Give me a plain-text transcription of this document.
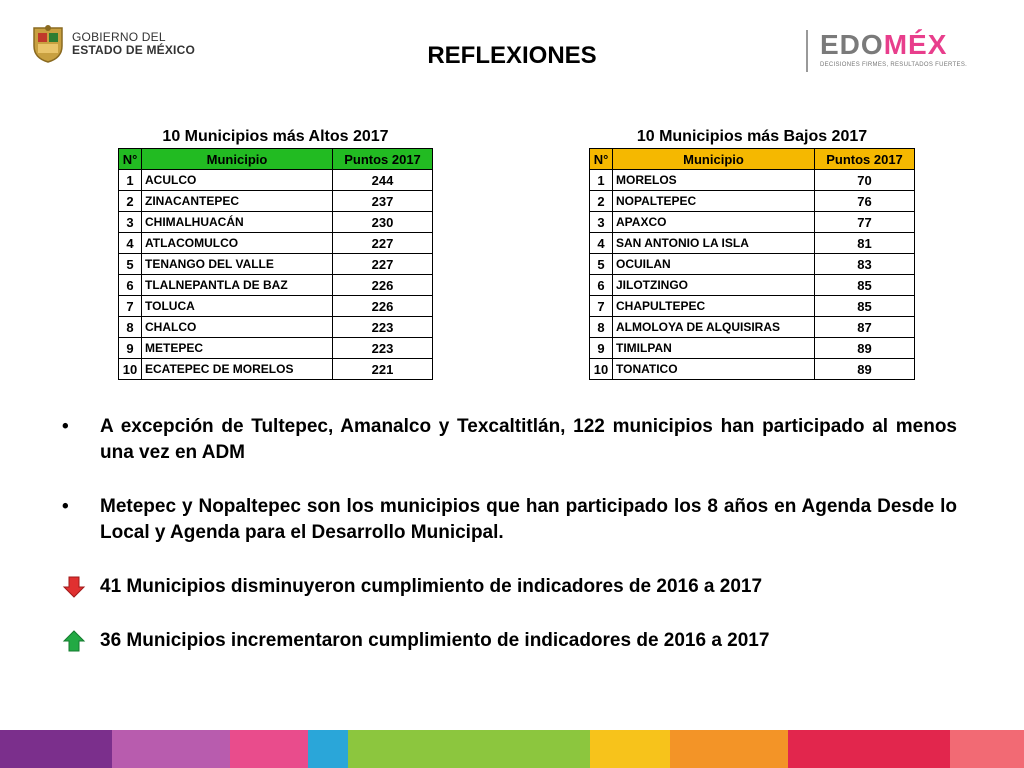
GOBIERNO DEL
ESTADO DE MÉXICO	REFLEXIONES	EDOMÉX
DECISIONES FIRMES, RESULTADOS FUERTES.
10 Municipios más Altos 2017
N°	Municipio	Puntos 2017
1	ACULCO	244
2	ZINACANTEPEC	237
3	CHIMALHUACÁN	230
4	ATLACOMULCO	227
5	TENANGO DEL VALLE	227
6	TLALNEPANTLA DE BAZ	226
7	TOLUCA	226
8	CHALCO	223
9	METEPEC	223
10	ECATEPEC DE MORELOS	221
10 Municipios más Bajos 2017
N°	Municipio	Puntos 2017
1	MORELOS	70
2	NOPALTEPEC	76
3	APAXCO	77
4	SAN ANTONIO LA ISLA	81
5	OCUILAN	83
6	JILOTZINGO	85
7	CHAPULTEPEC	85
8	ALMOLOYA DE ALQUISIRAS	87
9	TIMILPAN	89
10	TONATICO	89
•	A excepción de Tultepec, Amanalco y Texcaltitlán, 122 municipios han participado al menos una vez en ADM
•	Metepec y Nopaltepec son los municipios que han participado los 8 años en Agenda Desde lo Local y Agenda para el Desarrollo Municipal.
41 Municipios disminuyeron cumplimiento de indicadores de 2016 a 2017
36 Municipios incrementaron cumplimiento de indicadores de 2016 a 2017
